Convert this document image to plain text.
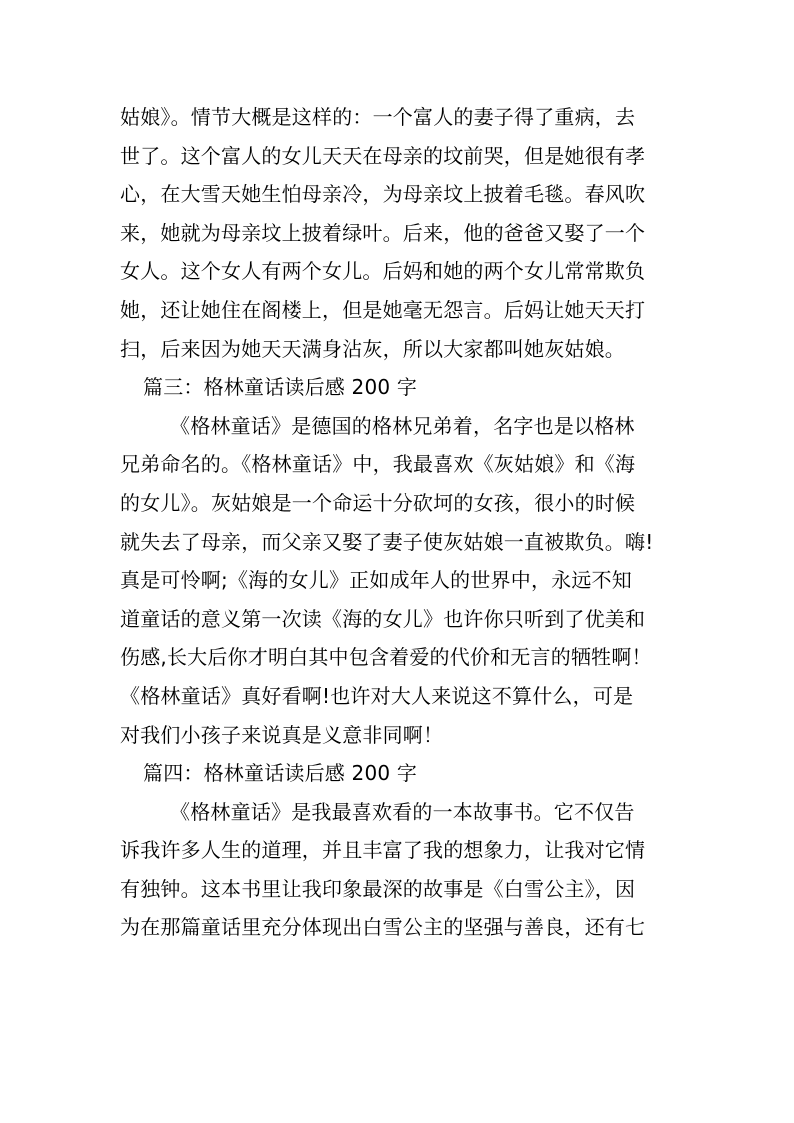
姑娘》。情节大概是这样的：一个富人的妻子得了重病，去
世了。这个富人的女儿天天在母亲的坟前哭，但是她很有孝
心，在大雪天她生怕母亲冷，为母亲坟上披着毛毯。春风吹
来，她就为母亲坟上披着绿叶。后来，他的爸爸又娶了一个
女人。这个女人有两个女儿。后妈和她的两个女儿常常欺负
她，还让她住在阁楼上，但是她毫无怨言。后妈让她天天打
扫，后来因为她天天满身沾灰，所以大家都叫她灰姑娘。
篇三：格林童话读后感 200 字
《格林童话》是德国的格林兄弟着，名字也是以格林
兄弟命名的。《格林童话》中，我最喜欢《灰姑娘》和《海
的女儿》。灰姑娘是一个命运十分砍坷的女孩，很小的时候
就失去了母亲，而父亲又娶了妻子使灰姑娘一直被欺负。嗨!
真是可怜啊;《海的女儿》正如成年人的世界中，永远不知
道童话的意义第一次读《海的女儿》也许你只听到了优美和
伤感,长大后你才明白其中包含着爱的代价和无言的牺牲啊！
《格林童话》真好看啊!也许对大人来说这不算什么，可是
对我们小孩子来说真是义意非同啊！
篇四：格林童话读后感 200 字
《格林童话》是我最喜欢看的一本故事书。它不仅告
诉我许多人生的道理，并且丰富了我的想象力，让我对它情
有独钟。这本书里让我印象最深的故事是《白雪公主》，因
为在那篇童话里充分体现出白雪公主的坚强与善良，还有七
